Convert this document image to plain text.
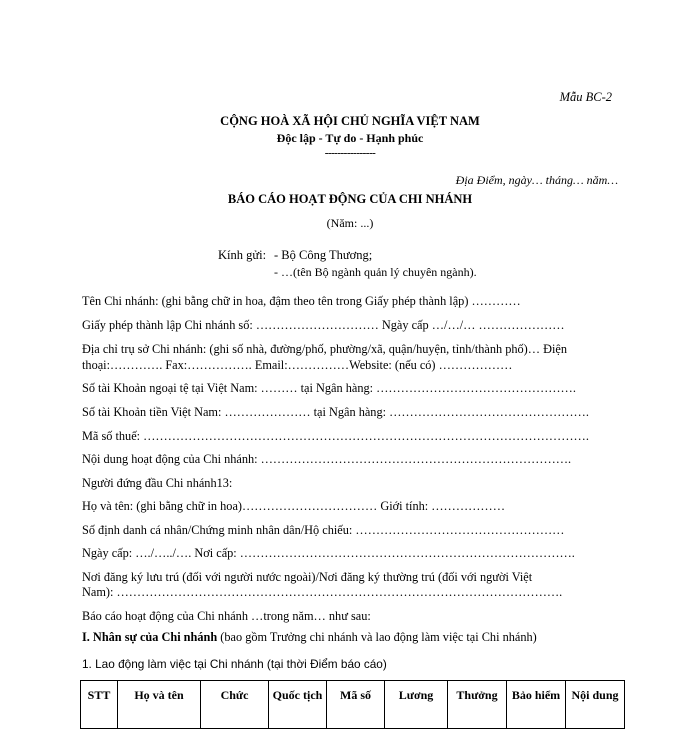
Mẫu BC-2
CỘNG HOÀ XÃ HỘI CHỦ NGHĨA VIỆT NAM
Độc lập - Tự do - Hạnh phúc
----------------
Địa Điểm, ngày… tháng… năm…
BÁO CÁO HOẠT ĐỘNG CỦA CHI NHÁNH
(Năm: ...)
Kính gửi: - Bộ Công Thương;
- …(tên Bộ ngành quản lý chuyên ngành).
Tên Chi nhánh: (ghi bằng chữ in hoa, đậm theo tên trong Giấy phép thành lập) …………
Giấy phép thành lập Chi nhánh số: ………………………… Ngày cấp …/…/… …………………
Địa chỉ trụ sở Chi nhánh: (ghi số nhà, đường/phố, phường/xã, quận/huyện, tỉnh/thành phố)… Điện
thoại:…………. Fax:……………. Email:……………Website: (nếu có) ………………
Số tài Khoản ngoại tệ tại Việt Nam: ……… tại Ngân hàng: ………………………………………….
Số tài Khoản tiền Việt Nam: ………………… tại Ngân hàng: ………………………………………….
Mã số thuế: ……………………………………………………………………………………………….
Nội dung hoạt động của Chi nhánh: ………………………………………………………………….
Người đứng đầu Chi nhánh13:
Họ và tên: (ghi bằng chữ in hoa)…………………………… Giới tính: ………………
Số định danh cá nhân/Chứng minh nhân dân/Hộ chiếu: ……………………………………………
Ngày cấp: …./…../…. Nơi cấp: ……………………………………………………………………….
Nơi đăng ký lưu trú (đối với người nước ngoài)/Nơi đăng ký thường trú (đối với người Việt
Nam): ……………………………………………………………………………………………….
Báo cáo hoạt động của Chi nhánh …trong năm… như sau:
I. Nhân sự của Chi nhánh (bao gồm Trưởng chi nhánh và lao động làm việc tại Chi nhánh)
1. Lao động làm việc tại Chi nhánh (tại thời Điểm báo cáo)
STT	Họ và tên	Chức	Quốc tịch	Mã số	Lương	Thưởng	Bảo hiểm	Nội dung
